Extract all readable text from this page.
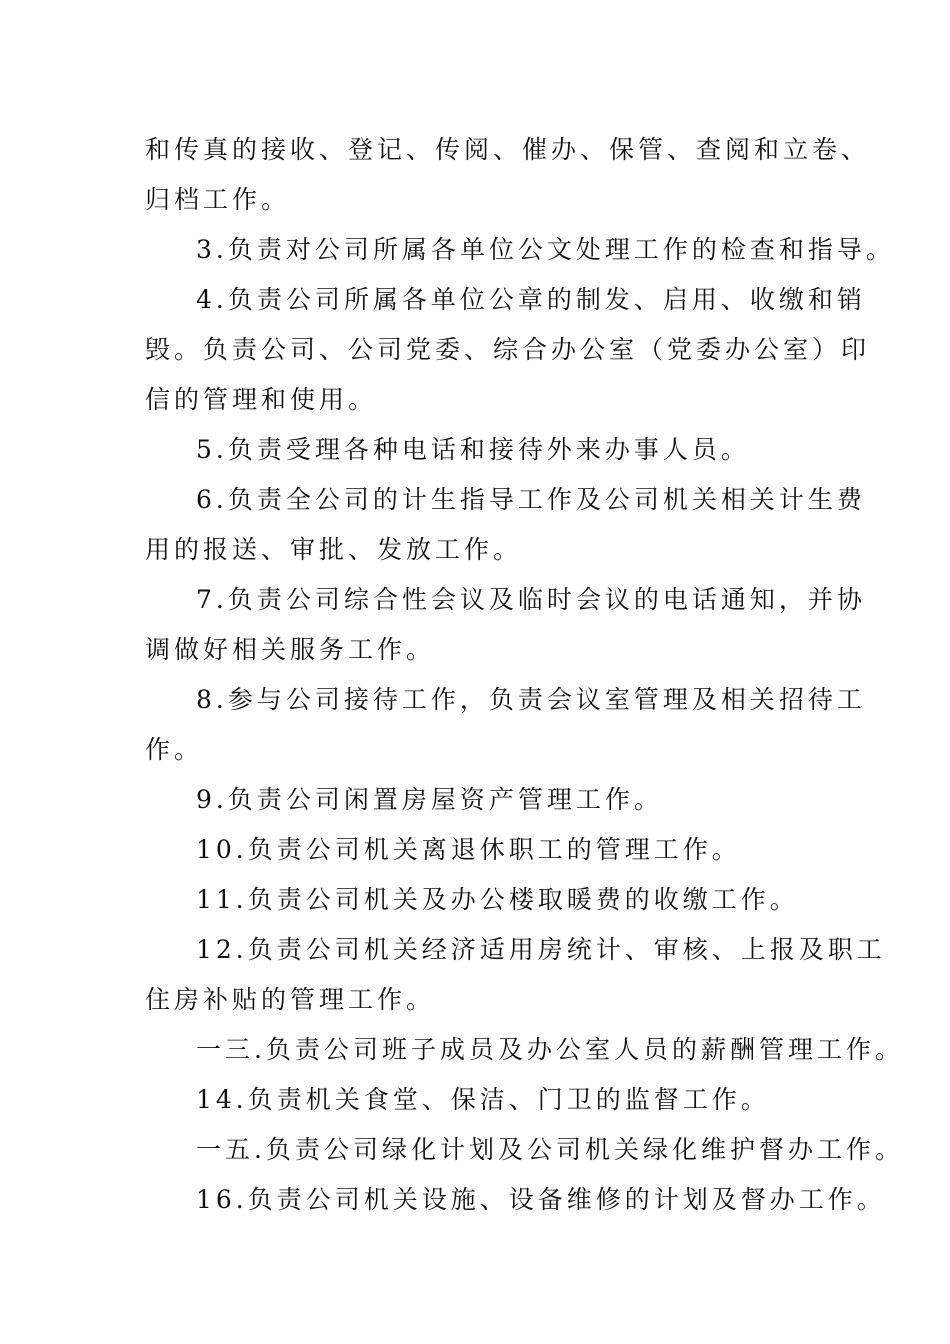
和传真的接收、登记、传阅、催办、保管、查阅和立卷、
归档工作。
3.负责对公司所属各单位公文处理工作的检查和指导。
4.负责公司所属各单位公章的制发、启用、收缴和销
毁。负责公司、公司党委、综合办公室（党委办公室）印
信的管理和使用。
5.负责受理各种电话和接待外来办事人员。
6.负责全公司的计生指导工作及公司机关相关计生费
用的报送、审批、发放工作。
7.负责公司综合性会议及临时会议的电话通知，并协
调做好相关服务工作。
8.参与公司接待工作，负责会议室管理及相关招待工
作。
9.负责公司闲置房屋资产管理工作。
10.负责公司机关离退休职工的管理工作。
11.负责公司机关及办公楼取暖费的收缴工作。
12.负责公司机关经济适用房统计、审核、上报及职工
住房补贴的管理工作。
一三.负责公司班子成员及办公室人员的薪酬管理工作。
14.负责机关食堂、保洁、门卫的监督工作。
一五.负责公司绿化计划及公司机关绿化维护督办工作。
16.负责公司机关设施、设备维修的计划及督办工作。
